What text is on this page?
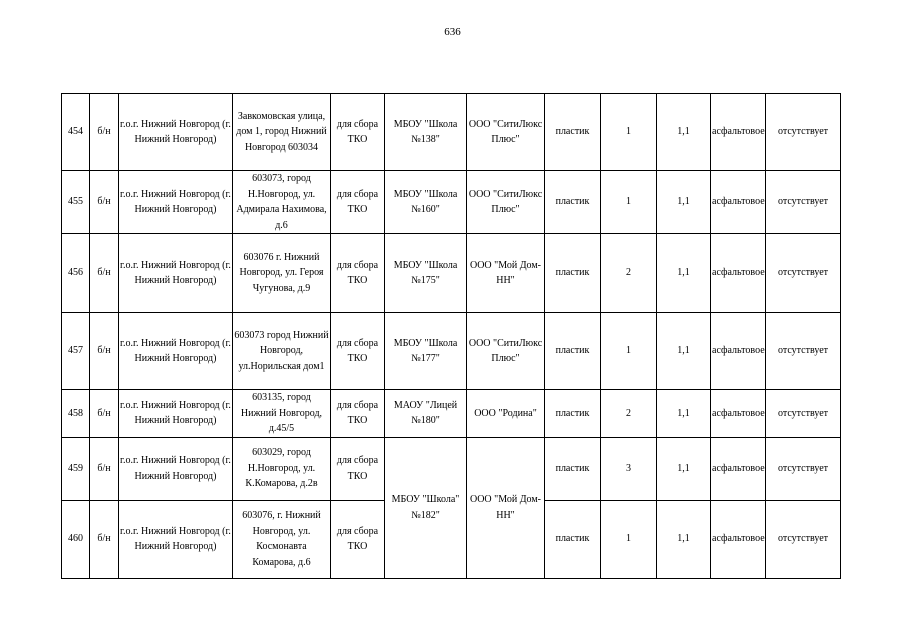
636
454	б/н	г.о.г. Нижний Новгород (г. Нижний Новгород)	Завкомовская улица, дом 1, город Нижний Новгород 603034	для сбора ТКО	МБОУ "Школа №138"	ООО "СитиЛюкс Плюс"	пластик	1	1,1	асфальтовое	отсутствует
455	б/н	г.о.г. Нижний Новгород (г. Нижний Новгород)	603073, город Н.Новгород, ул. Адмирала Нахимова, д.6	для сбора ТКО	МБОУ "Школа №160"	ООО "СитиЛюкс Плюс"	пластик	1	1,1	асфальтовое	отсутствует
456	б/н	г.о.г. Нижний Новгород (г. Нижний Новгород)	603076 г. Нижний Новгород, ул. Героя Чугунова, д.9	для сбора ТКО	МБОУ "Школа №175"	ООО "Мой Дом-НН"	пластик	2	1,1	асфальтовое	отсутствует
457	б/н	г.о.г. Нижний Новгород (г. Нижний Новгород)	603073 город Нижний Новгород, ул.Норильская дом1	для сбора ТКО	МБОУ "Школа №177"	ООО "СитиЛюкс Плюс"	пластик	1	1,1	асфальтовое	отсутствует
458	б/н	г.о.г. Нижний Новгород (г. Нижний Новгород)	603135, город Нижний Новгород, д.45/5	для сбора ТКО	МАОУ "Лицей №180"	ООО "Родина"	пластик	2	1,1	асфальтовое	отсутствует
459	б/н	г.о.г. Нижний Новгород (г. Нижний Новгород)	603029, город Н.Новгород, ул. К.Комарова, д.2в	для сбора ТКО	МБОУ "Школа" №182"	ООО "Мой Дом-НН"	пластик	3	1,1	асфальтовое	отсутствует
460	б/н	г.о.г. Нижний Новгород (г. Нижний Новгород)	603076, г. Нижний Новгород, ул. Космонавта Комарова, д.6	для сбора ТКО			пластик	1	1,1	асфальтовое	отсутствует
